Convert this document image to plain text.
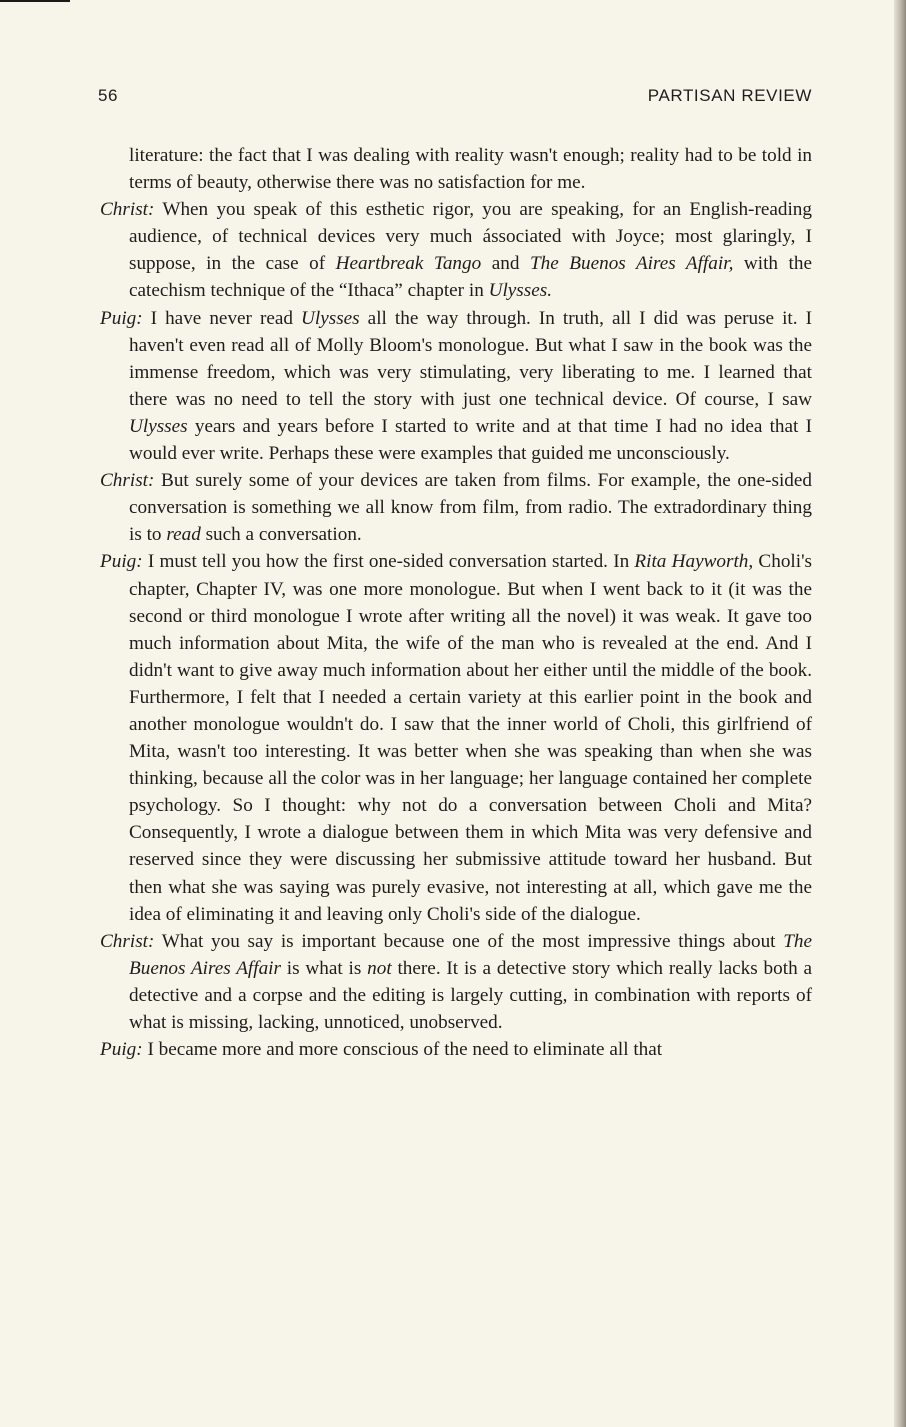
56	PARTISAN REVIEW

literature: the fact that I was dealing with reality wasn't enough; reality had to be told in terms of beauty, otherwise there was no satisfaction for me.

Christ: When you speak of this esthetic rigor, you are speaking, for an English-reading audience, of technical devices very much ássociated with Joyce; most glaringly, I suppose, in the case of Heartbreak Tango and The Buenos Aires Affair, with the catechism technique of the “Ithaca” chapter in Ulysses.

Puig: I have never read Ulysses all the way through. In truth, all I did was peruse it. I haven't even read all of Molly Bloom's monologue. But what I saw in the book was the immense freedom, which was very stimulating, very liberating to me. I learned that there was no need to tell the story with just one technical device. Of course, I saw Ulysses years and years before I started to write and at that time I had no idea that I would ever write. Perhaps these were examples that guided me unconsciously.

Christ: But surely some of your devices are taken from films. For example, the one-sided conversation is something we all know from film, from radio. The extradordinary thing is to read such a conversation.

Puig: I must tell you how the first one-sided conversation started. In Rita Hayworth, Choli's chapter, Chapter IV, was one more monologue. But when I went back to it (it was the second or third monologue I wrote after writing all the novel) it was weak. It gave too much information about Mita, the wife of the man who is revealed at the end. And I didn't want to give away much information about her either until the middle of the book. Furthermore, I felt that I needed a certain variety at this earlier point in the book and another monologue wouldn't do. I saw that the inner world of Choli, this girlfriend of Mita, wasn't too interesting. It was better when she was speaking than when she was thinking, because all the color was in her language; her language contained her complete psychology. So I thought: why not do a conversation between Choli and Mita? Consequently, I wrote a dialogue between them in which Mita was very defensive and reserved since they were discussing her submissive attitude toward her husband. But then what she was saying was purely evasive, not interesting at all, which gave me the idea of eliminating it and leaving only Choli's side of the dialogue.

Christ: What you say is important because one of the most impressive things about The Buenos Aires Affair is what is not there. It is a detective story which really lacks both a detective and a corpse and the editing is largely cutting, in combination with reports of what is missing, lacking, unnoticed, unobserved.

Puig: I became more and more conscious of the need to eliminate all that
